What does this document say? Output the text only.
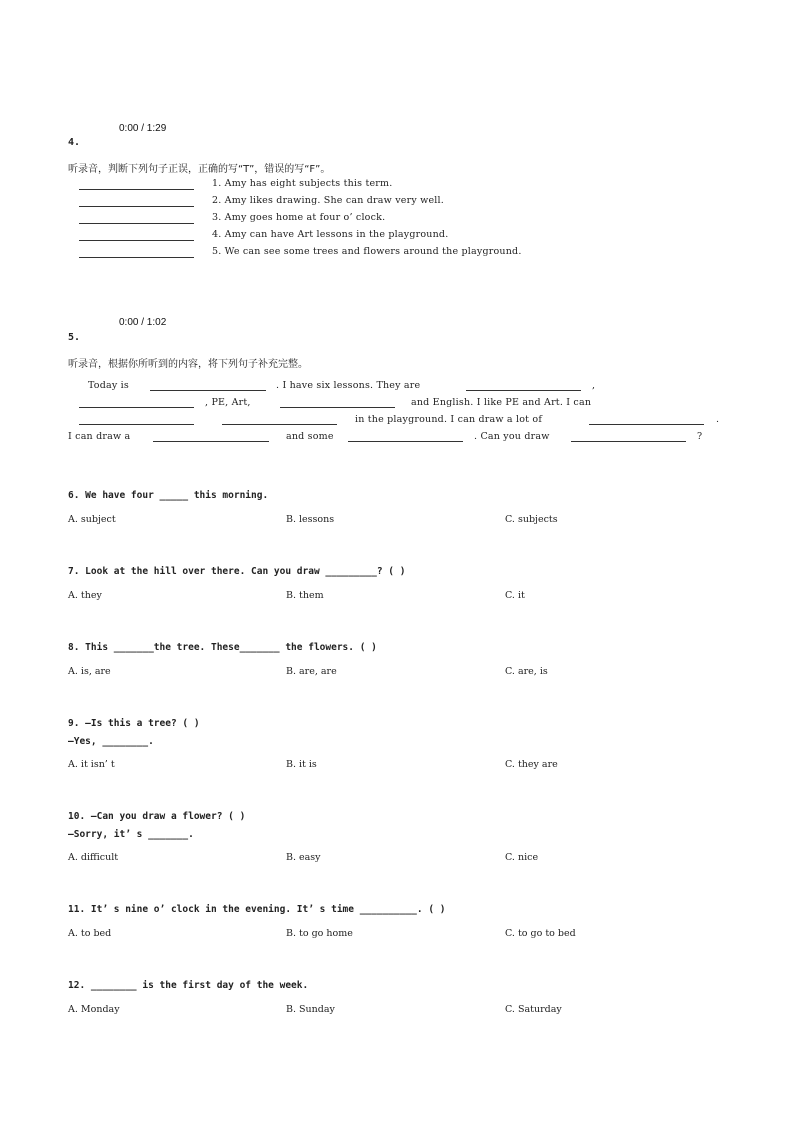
0:00 / 1:29
4.
听录音，判断下列句子正误，正确的写“T”，错误的写“F”。
1. Amy has eight subjects this term.
2. Amy likes drawing. She can draw very well.
3. Amy goes home at four o’ clock.
4. Amy can have Art lessons in the playground.
5. We can see some trees and flowers around the playground.
0:00 / 1:02
5.
听录音，根据你所听到的内容，将下列句子补充完整。
Today is	. I have six lessons. They are	,
, PE, Art,	and English. I like PE and Art. I can
in the playground. I can draw a lot of	.
I can draw a	and some	. Can you draw	?
6. We have four _____ this morning.
A. subject	B. lessons	C. subjects
7. Look at the hill over there. Can you draw _________? ( )
A. they	B. them	C. it
8. This _______the tree. These_______ the flowers. ( )
A. is, are	B. are, are	C. are, is
9. —Is this a tree? ( )
—Yes, ________.
A. it isn’ t	B. it is	C. they are
10. —Can you draw a flower? ( )
—Sorry, it’ s _______.
A. difficult	B. easy	C. nice
11. It’ s nine o’ clock in the evening. It’ s time __________. ( )
A. to bed	B. to go home	C. to go to bed
12. ________ is the first day of the week.
A. Monday	B. Sunday	C. Saturday
